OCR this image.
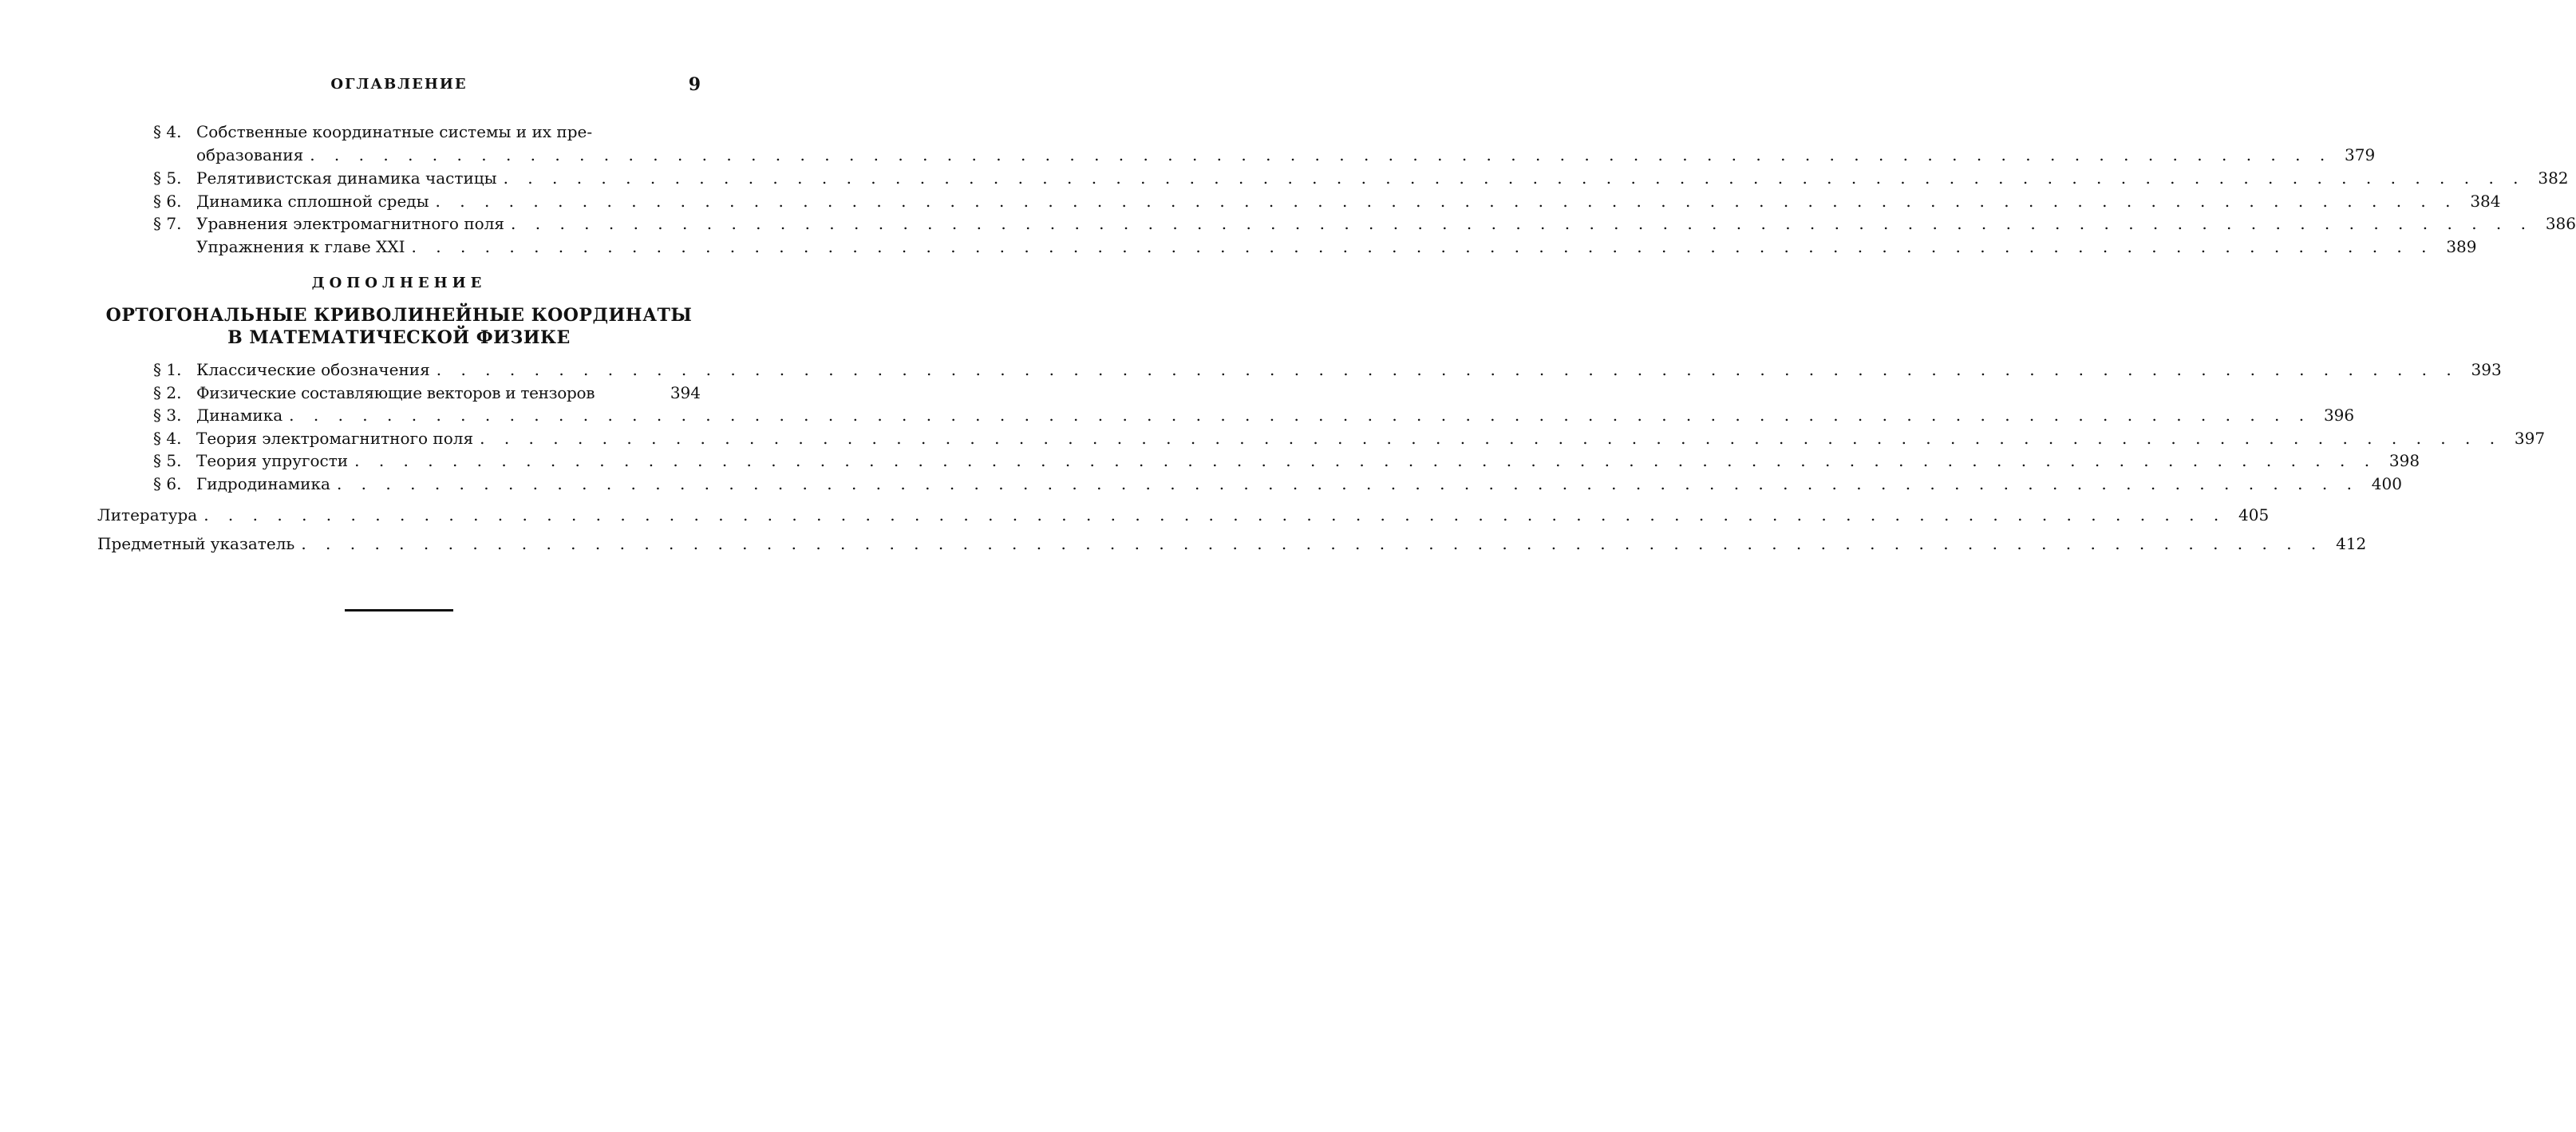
ОГЛАВЛЕНИЕ	9
§ 4. Собственные координатные системы и их пре-
образования . . . . . . . . . . . . . . . . . . . . . . . . . . . . . . . . . . . . . . . . . . . . . . . . . . . . . . . . . . . . . . . . . . . . . . . . . . . . . . . . . . . 379
§ 5. Релятивистская динамика частицы . . . . . . . . . . . . . . . . . . . . . . . . . . . . . . . . . . . . . . . . . . . . . . . . . . . . . . . . . . . . . . . . . . . . . . . . . . . . . . . . . . . 382
§ 6. Динамика сплошной среды . . . . . . . . . . . . . . . . . . . . . . . . . . . . . . . . . . . . . . . . . . . . . . . . . . . . . . . . . . . . . . . . . . . . . . . . . . . . . . . . . . . 384
§ 7. Уравнения электромагнитного поля . . . . . . . . . . . . . . . . . . . . . . . . . . . . . . . . . . . . . . . . . . . . . . . . . . . . . . . . . . . . . . . . . . . . . . . . . . . . . . . . . . . 386
Упражнения к главе XXI . . . . . . . . . . . . . . . . . . . . . . . . . . . . . . . . . . . . . . . . . . . . . . . . . . . . . . . . . . . . . . . . . . . . . . . . . . . . . . . . . . . 389
ДОПОЛНЕНИЕ
ОРТОГОНАЛЬНЫЕ КРИВОЛИНЕЙНЫЕ КООРДИНАТЫ
В МАТЕМАТИЧЕСКОЙ ФИЗИКЕ
§ 1. Классические обозначения . . . . . . . . . . . . . . . . . . . . . . . . . . . . . . . . . . . . . . . . . . . . . . . . . . . . . . . . . . . . . . . . . . . . . . . . . . . . . . . . . . . 393
§ 2. Физические составляющие векторов и тензоров	394
§ 3. Динамика . . . . . . . . . . . . . . . . . . . . . . . . . . . . . . . . . . . . . . . . . . . . . . . . . . . . . . . . . . . . . . . . . . . . . . . . . . . . . . . . . . . 396
§ 4. Теория электромагнитного поля . . . . . . . . . . . . . . . . . . . . . . . . . . . . . . . . . . . . . . . . . . . . . . . . . . . . . . . . . . . . . . . . . . . . . . . . . . . . . . . . . . . 397
§ 5. Теория упругости . . . . . . . . . . . . . . . . . . . . . . . . . . . . . . . . . . . . . . . . . . . . . . . . . . . . . . . . . . . . . . . . . . . . . . . . . . . . . . . . . . . 398
§ 6. Гидродинамика . . . . . . . . . . . . . . . . . . . . . . . . . . . . . . . . . . . . . . . . . . . . . . . . . . . . . . . . . . . . . . . . . . . . . . . . . . . . . . . . . . . 400
Литература . . . . . . . . . . . . . . . . . . . . . . . . . . . . . . . . . . . . . . . . . . . . . . . . . . . . . . . . . . . . . . . . . . . . . . . . . . . . . . . . . . . 405
Предметный указатель . . . . . . . . . . . . . . . . . . . . . . . . . . . . . . . . . . . . . . . . . . . . . . . . . . . . . . . . . . . . . . . . . . . . . . . . . . . . . . . . . . . 412
